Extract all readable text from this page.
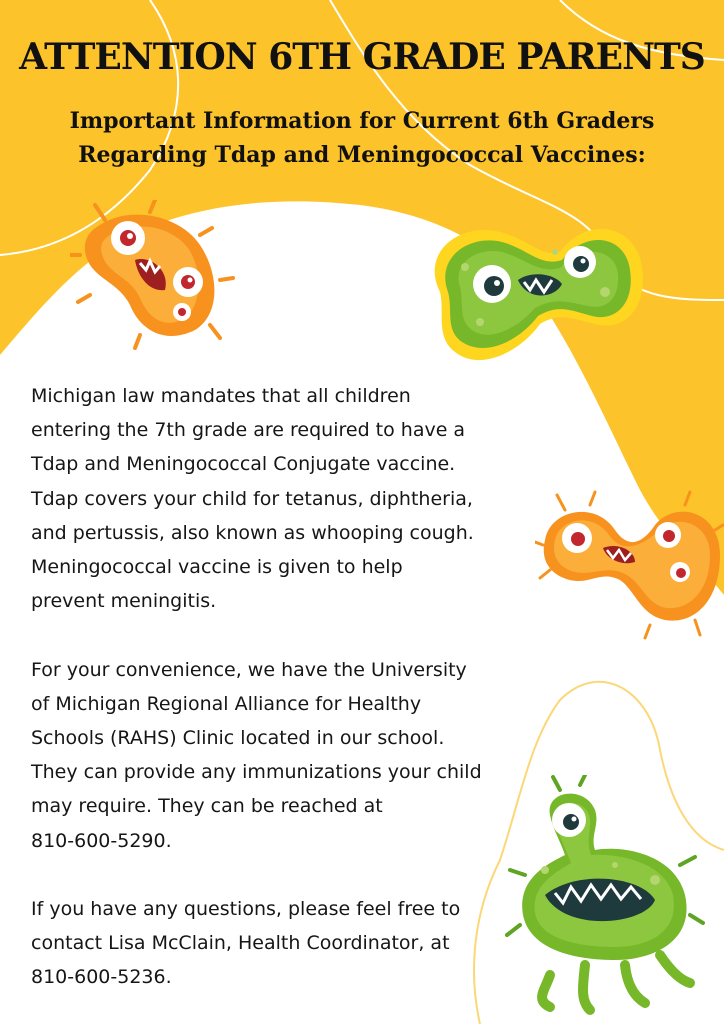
ATTENTION 6TH GRADE PARENTS
Important Information for Current 6th Graders
Regarding Tdap and Meningococcal Vaccines:
Michigan law mandates that all children
entering the 7th grade are required to have a
Tdap and Meningococcal Conjugate vaccine.
Tdap covers your child for tetanus, diphtheria,
and pertussis, also known as whooping cough.
Meningococcal vaccine is given to help
prevent meningitis.
For your convenience, we have the University
of Michigan Regional Alliance for Healthy
Schools (RAHS) Clinic located in our school.
They can provide any immunizations your child
may require. They can be reached at
810-600-5290.
If you have any questions, please feel free to
contact Lisa McClain, Health Coordinator, at
810-600-5236.
